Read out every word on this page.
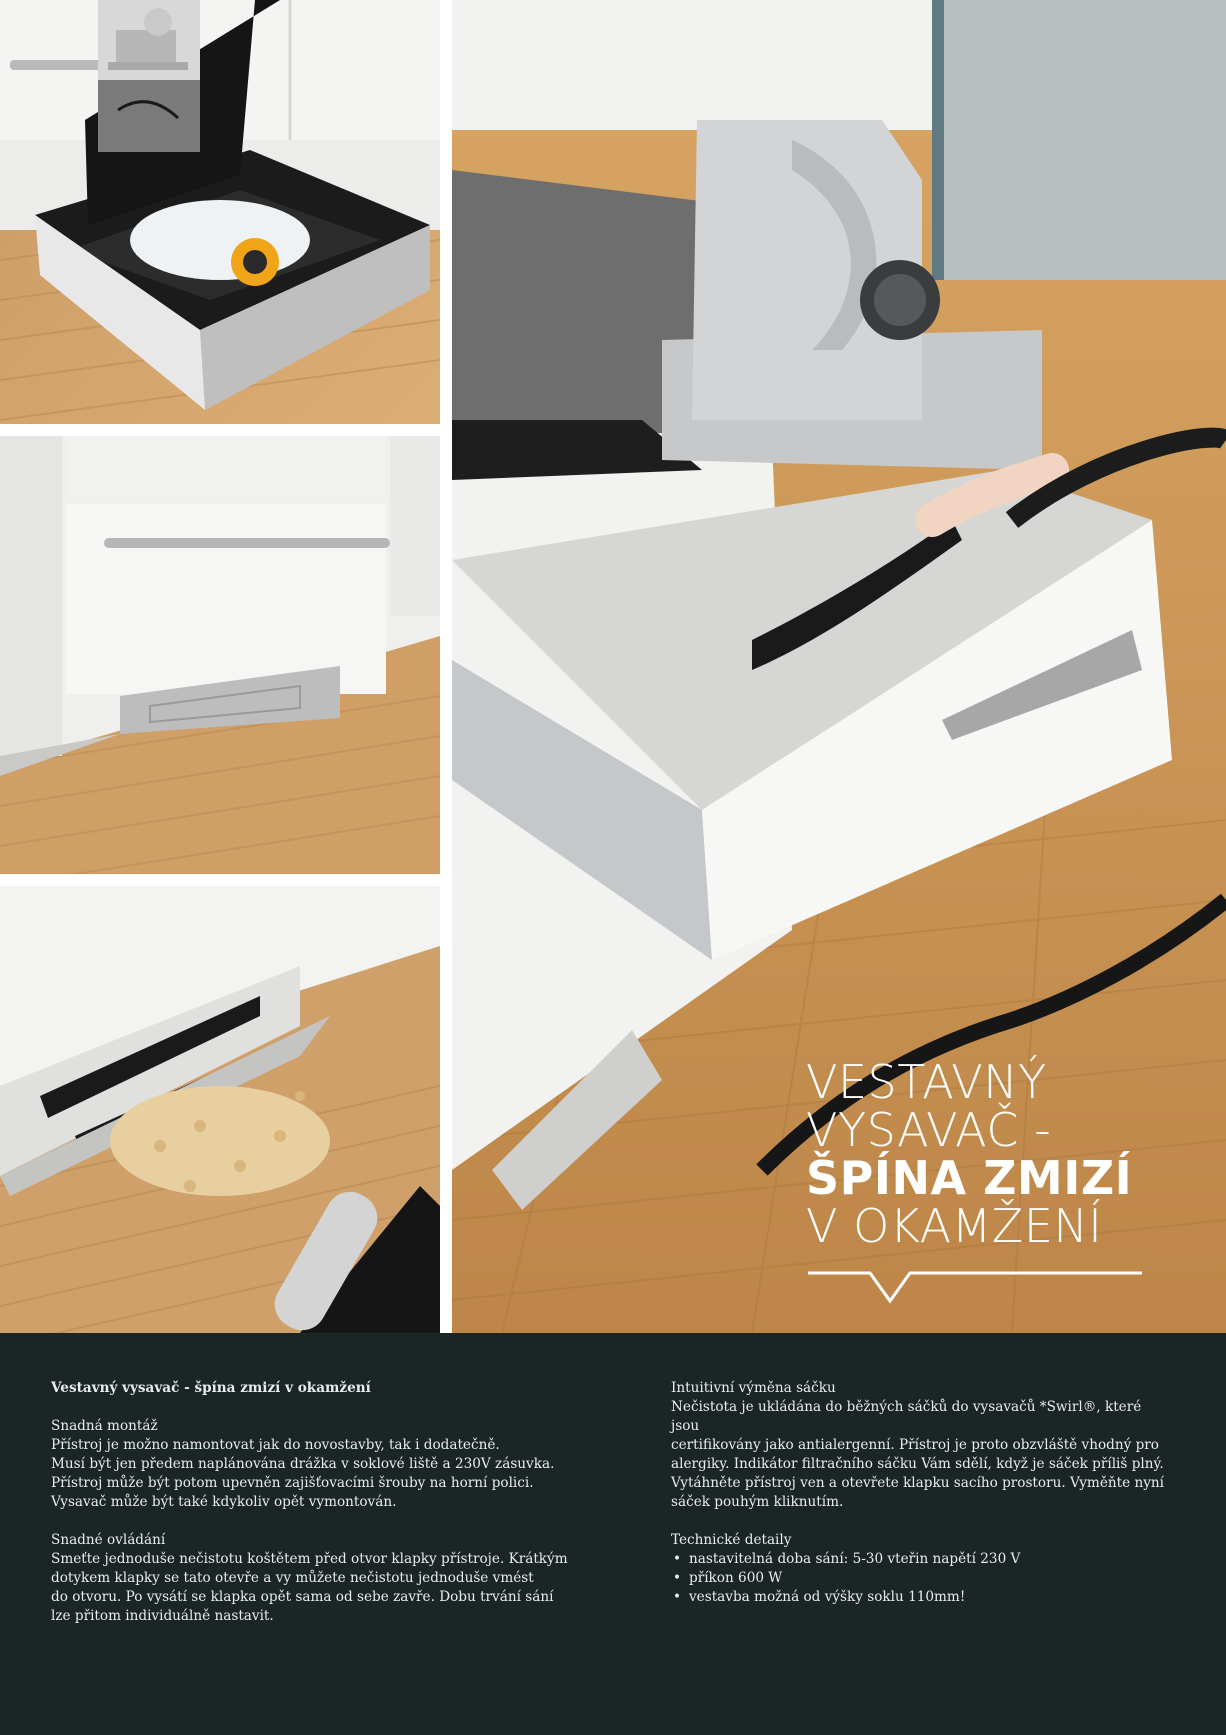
VESTAVNÝ
VYSAVAČ -
ŠPÍNA ZMIZÍ
V OKAMŽENÍ
Vestavný vysavač - špína zmizí v okamžení
Snadná montáž
Přístroj je možno namontovat jak do novostavby, tak i dodatečně.
Musí být jen předem naplánována drážka v soklové liště a 230V zásuvka.
Přístroj může být potom upevněn zajišťovacími šrouby na horní polici.
Vysavač může být také kdykoliv opět vymontován.
Snadné ovládání
Smeťte jednoduše nečistotu koštětem před otvor klapky přístroje. Krátkým
dotykem klapky se tato otevře a vy můžete nečistotu jednoduše vmést
do otvoru. Po vysátí se klapka opět sama od sebe zavře. Dobu trvání sání
lze přitom individuálně nastavit.
Intuitivní výměna sáčku
Nečistota je ukládána do běžných sáčků do vysavačů *Swirl®, které jsou
certifikovány jako antialergenní. Přístroj je proto obzvláště vhodný pro
alergiky. Indikátor filtračního sáčku Vám sdělí, když je sáček příliš plný.
Vytáhněte přístroj ven a otevřete klapku sacího prostoru. Vyměňte nyní
sáček pouhým kliknutím.
Technické detaily
• nastavitelná doba sání: 5-30 vteřin napětí 230 V
• příkon 600 W
• vestavba možná od výšky soklu 110mm!
